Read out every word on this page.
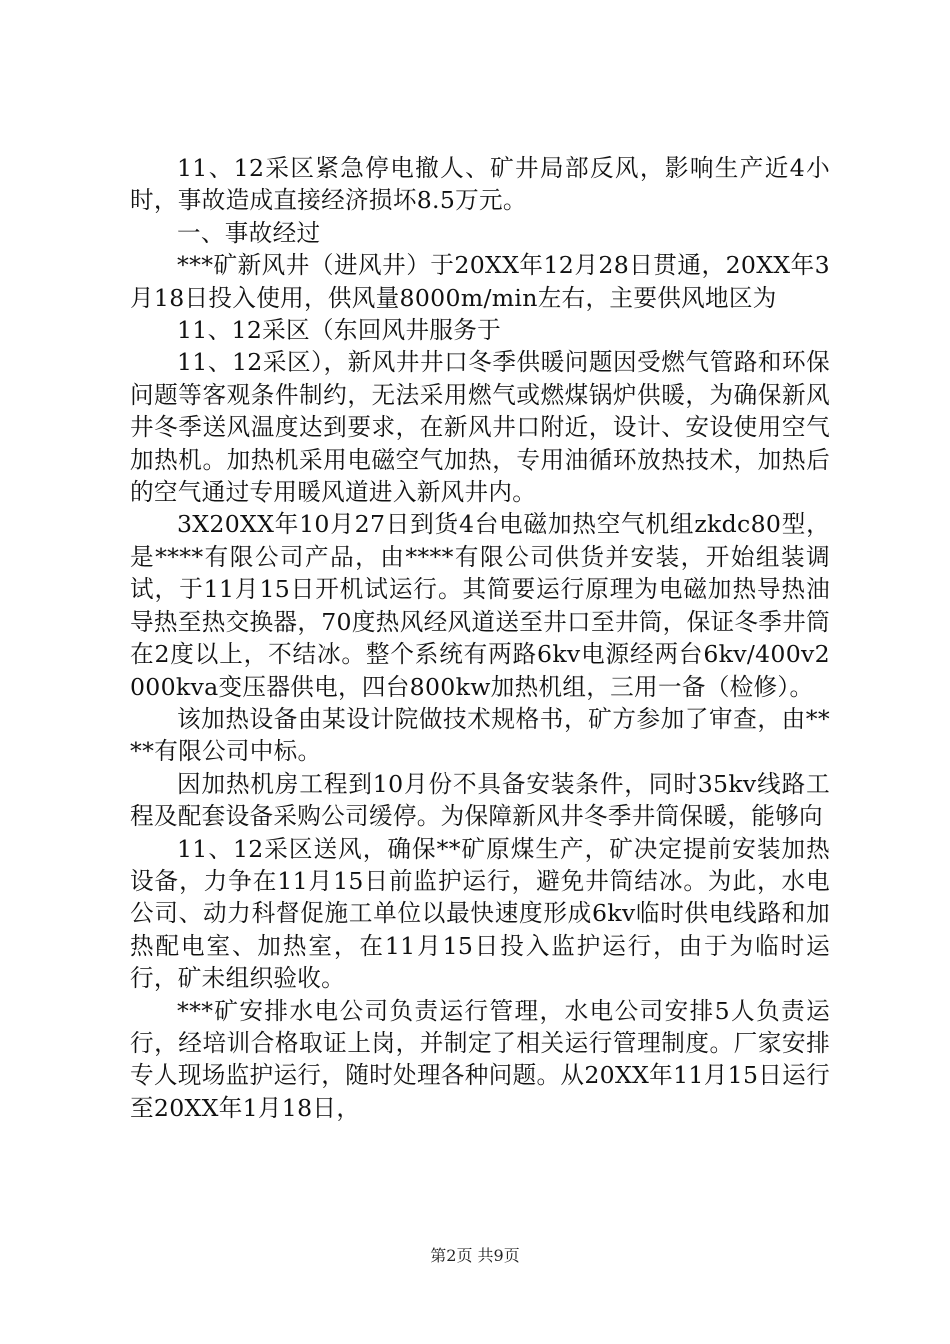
11、12采区紧急停电撤人、矿井局部反风，影响生产近4小时，事故造成直接经济损坏8.5万元。

一、事故经过

***矿新风井（进风井）于20XX年12月28日贯通，20XX年3月18日投入使用，供风量8000m/min左右，主要供风地区为

11、12采区（东回风井服务于

11、12采区），新风井井口冬季供暖问题因受燃气管路和环保问题等客观条件制约，无法采用燃气或燃煤锅炉供暖，为确保新风井冬季送风温度达到要求，在新风井口附近，设计、安设使用空气加热机。加热机采用电磁空气加热，专用油循环放热技术，加热后的空气通过专用暖风道进入新风井内。

3X20XX年10月27日到货4台电磁加热空气机组zkdc80型，是****有限公司产品，由****有限公司供货并安装，开始组装调试，于11月15日开机试运行。其简要运行原理为电磁加热导热油导热至热交换器，70度热风经风道送至井口至井筒，保证冬季井筒在2度以上，不结冰。整个系统有两路6kv电源经两台6kv/400v2000kva变压器供电，四台800kw加热机组，三用一备（检修）。

该加热设备由某设计院做技术规格书，矿方参加了审查，由****有限公司中标。

因加热机房工程到10月份不具备安装条件，同时35kv线路工程及配套设备采购公司缓停。为保障新风井冬季井筒保暖，能够向

11、12采区送风，确保**矿原煤生产，矿决定提前安装加热设备，力争在11月15日前监护运行，避免井筒结冰。为此，水电公司、动力科督促施工单位以最快速度形成6kv临时供电线路和加热配电室、加热室，在11月15日投入监护运行，由于为临时运行，矿未组织验收。

***矿安排水电公司负责运行管理，水电公司安排5人负责运行，经培训合格取证上岗，并制定了相关运行管理制度。厂家安排专人现场监护运行，随时处理各种问题。从20XX年11月15日运行至20XX年1月18日，

第2页 共9页
